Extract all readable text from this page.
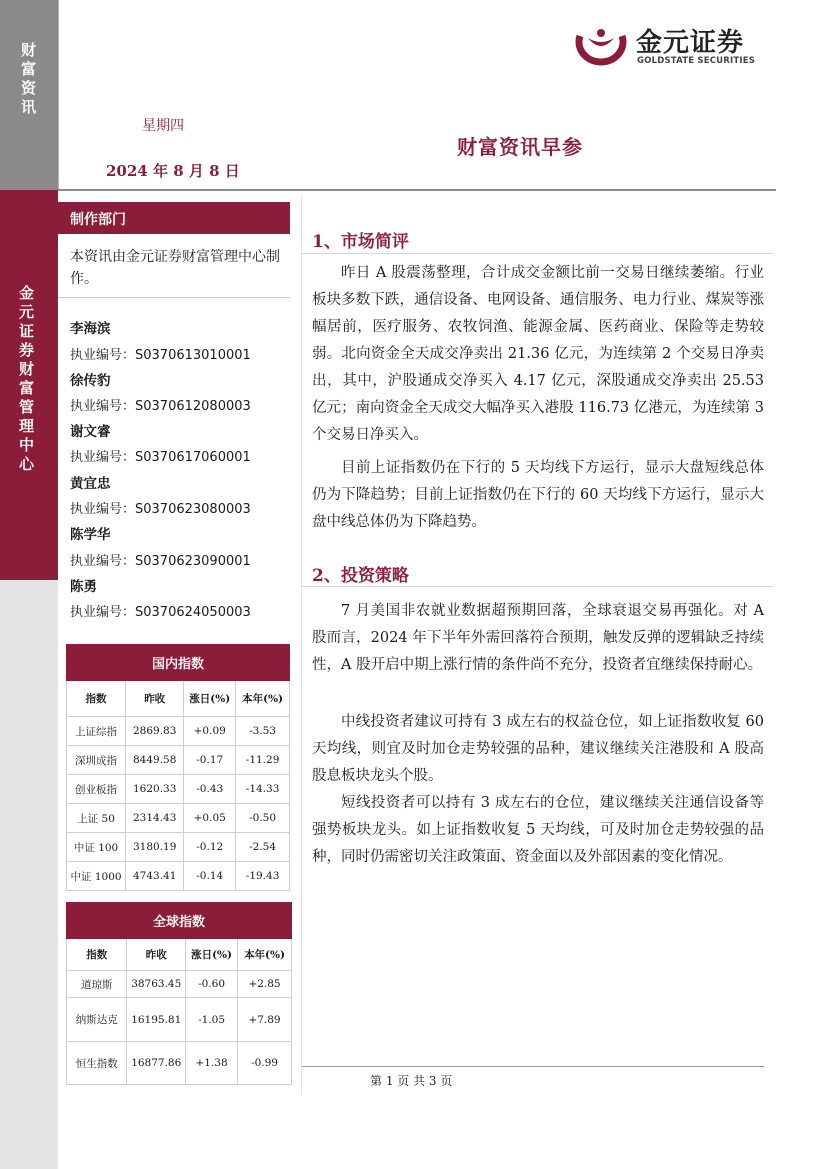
财富资讯
金元证券财富管理中心
金元证券
GOLDSTATE SECURITIES
星期四
2024 年 8 月 8 日
财富资讯早参
制作部门
本资讯由金元证券财富管理中心制作。
李海滨
执业编号：S0370613010001
徐传豹
执业编号：S0370612080003
谢文睿
执业编号：S0370617060001
黄宜忠
执业编号：S0370623080003
陈学华
执业编号：S0370623090001
陈勇
执业编号：S0370624050003
国内指数			
指数	昨收	涨日(%)	本年(%)
上证综指	2869.83	+0.09	-3.53
深圳成指	8449.58	-0.17	-11.29
创业板指	1620.33	-0.43	-14.33
上证 50	2314.43	+0.05	-0.50
中证 100	3180.19	-0.12	-2.54
中证 1000	4743.41	-0.14	-19.43
全球指数			
指数	昨收	涨日(%)	本年(%)
道琼斯	38763.45	-0.60	+2.85
纳斯达克	16195.81	-1.05	+7.89
恒生指数	16877.86	+1.38	-0.99
1、市场简评

昨日 A 股震荡整理，合计成交金额比前一交易日继续萎缩。行业板块多数下跌，通信设备、电网设备、通信服务、电力行业、煤炭等涨幅居前，医疗服务、农牧饲渔、能源金属、医药商业、保险等走势较弱。北向资金全天成交净卖出 21.36 亿元，为连续第 2 个交易日净卖出，其中，沪股通成交净买入 4.17 亿元，深股通成交净卖出 25.53 亿元；南向资金全天成交大幅净买入港股 116.73 亿港元，为连续第 3 个交易日净买入。

目前上证指数仍在下行的 5 天均线下方运行，显示大盘短线总体仍为下降趋势；目前上证指数仍在下行的 60 天均线下方运行，显示大盘中线总体仍为下降趋势。

2、投资策略

7 月美国非农就业数据超预期回落，全球衰退交易再强化。对 A 股而言，2024 年下半年外需回落符合预期，触发反弹的逻辑缺乏持续性，A 股开启中期上涨行情的条件尚不充分，投资者宜继续保持耐心。

中线投资者建议可持有 3 成左右的权益仓位，如上证指数收复 60 天均线，则宜及时加仓走势较强的品种，建议继续关注港股和 A 股高股息板块龙头个股。

短线投资者可以持有 3 成左右的仓位，建议继续关注通信设备等强势板块龙头。如上证指数收复 5 天均线，可及时加仓走势较强的品种，同时仍需密切关注政策面、资金面以及外部因素的变化情况。

第 1 页 共 3 页
